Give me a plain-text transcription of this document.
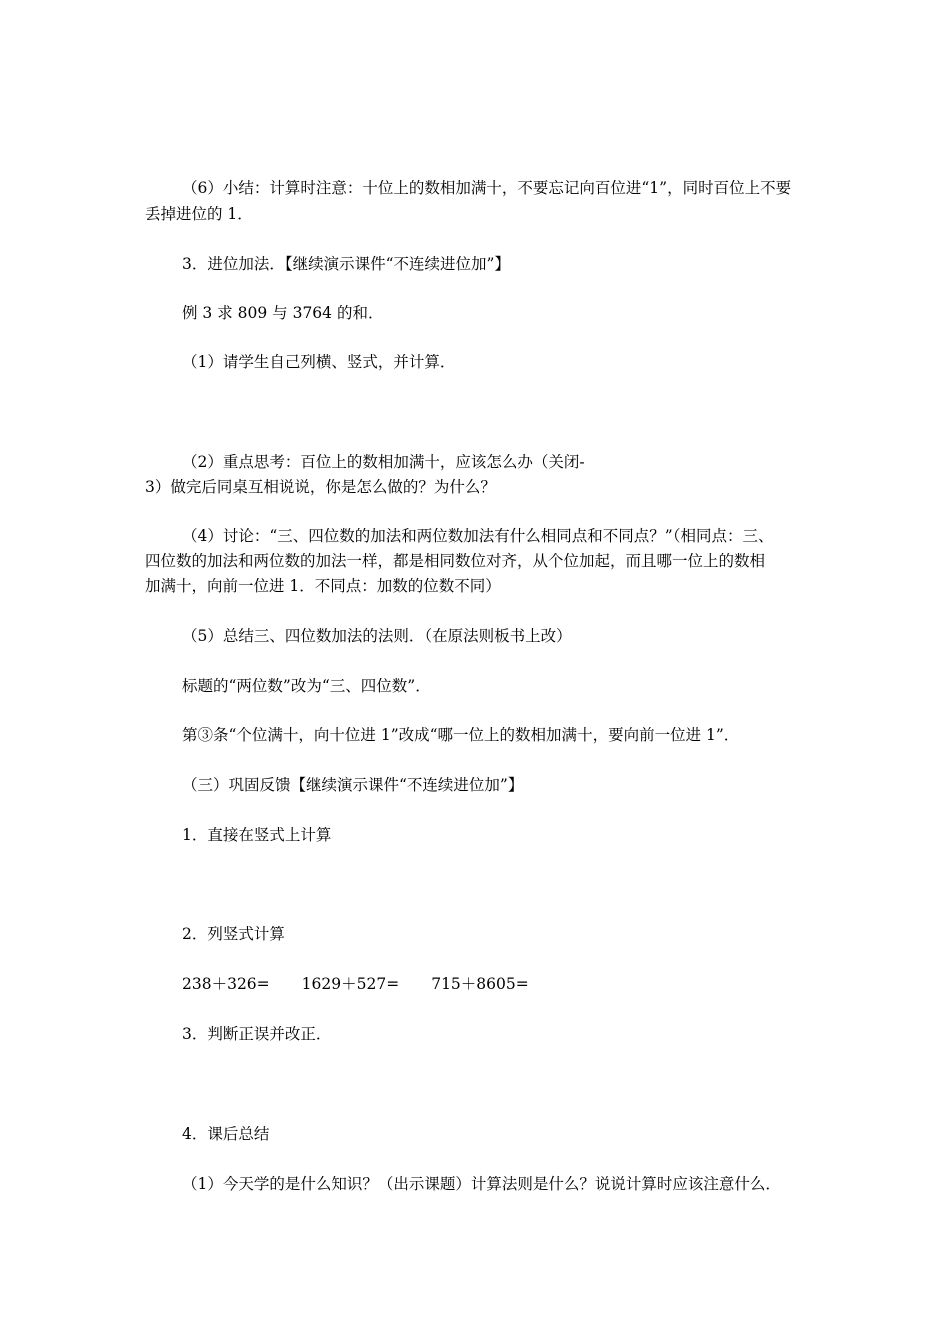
（6）小结：计算时注意：十位上的数相加满十，不要忘记向百位进“1”，同时百位上不要
丢掉进位的 1．
3．进位加法．【继续演示课件“不连续进位加”】
例 3 求 809 与 3764 的和．
（1）请学生自己列横、竖式，并计算．
（2）重点思考：百位上的数相加满十，应该怎么办（关闭-
3）做完后同桌互相说说，你是怎么做的？为什么？
（4）讨论：“三、四位数的加法和两位数加法有什么相同点和不同点？”（相同点：三、
四位数的加法和两位数的加法一样，都是相同数位对齐，从个位加起，而且哪一位上的数相
加满十，向前一位进 1．不同点：加数的位数不同）
（5）总结三、四位数加法的法则．（在原法则板书上改）
标题的“两位数”改为“三、四位数”．
第③条“个位满十，向十位进 1”改成“哪一位上的数相加满十，要向前一位进 1”．
（三）巩固反馈【继续演示课件“不连续进位加”】
1．直接在竖式上计算
2．列竖式计算
238＋326= 1629＋527= 715＋8605=
3．判断正误并改正．
4．课后总结
（1）今天学的是什么知识？（出示课题）计算法则是什么？说说计算时应该注意什么．
